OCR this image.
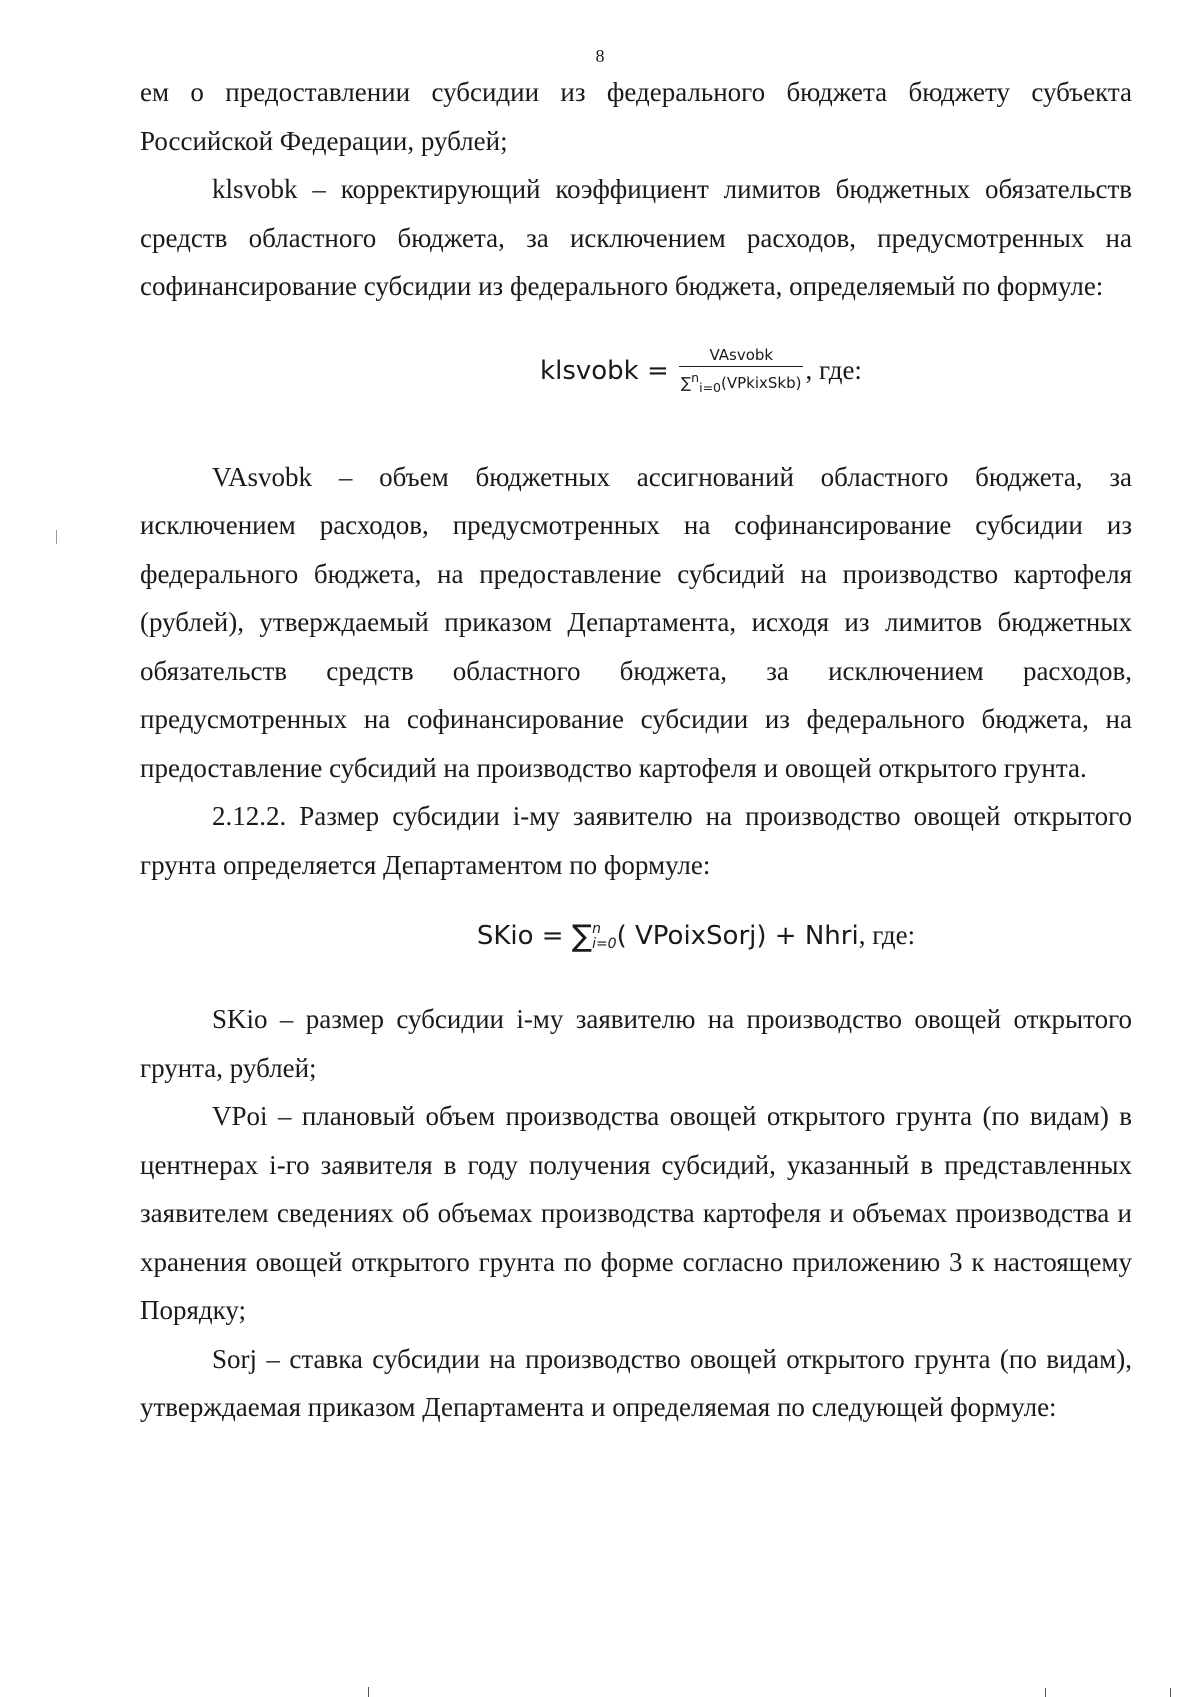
8

ем о предоставлении субсидии из федерального бюджета бюджету субъекта Российской Федерации, рублей;

klsvobk – корректирующий коэффициент лимитов бюджетных обязательств средств областного бюджета, за исключением расходов, предусмотренных на софинансирование субсидии из федерального бюджета, определяемый по формуле:

klsvobk = $\frac{\text{VAsvobk}}{\sum^n_{i=0}(VPkixSkb)}$ , где:

VAsvobk – объем бюджетных ассигнований областного бюджета, за исключением расходов, предусмотренных на софинансирование субсидии из федерального бюджета, на предоставление субсидий на производство картофеля (рублей), утверждаемый приказом Департамента, исходя из лимитов бюджетных обязательств средств областного бюджета, за исключением расходов, предусмотренных на софинансирование субсидии из федерального бюджета, на предоставление субсидий на производство картофеля и овощей открытого грунта.

2.12.2. Размер субсидии i-му заявителю на производство овощей открытого грунта определяется Департаментом по формуле:

SKio = ∑ n
i=0 ( VPoixSorj) + Nhri, где:

SKio – размер субсидии i-му заявителю на производство овощей открытого грунта, рублей;

VPoi – плановый объем производства овощей открытого грунта (по видам) в центнерах i-го заявителя в году получения субсидий, указанный в представленных заявителем сведениях об объемах производства картофеля и объемах производства и хранения овощей открытого грунта по форме согласно приложению 3 к настоящему Порядку;

Sorj – ставка субсидии на производство овощей открытого грунта (по видам), утверждаемая приказом Департамента и определяемая по следующей формуле:
